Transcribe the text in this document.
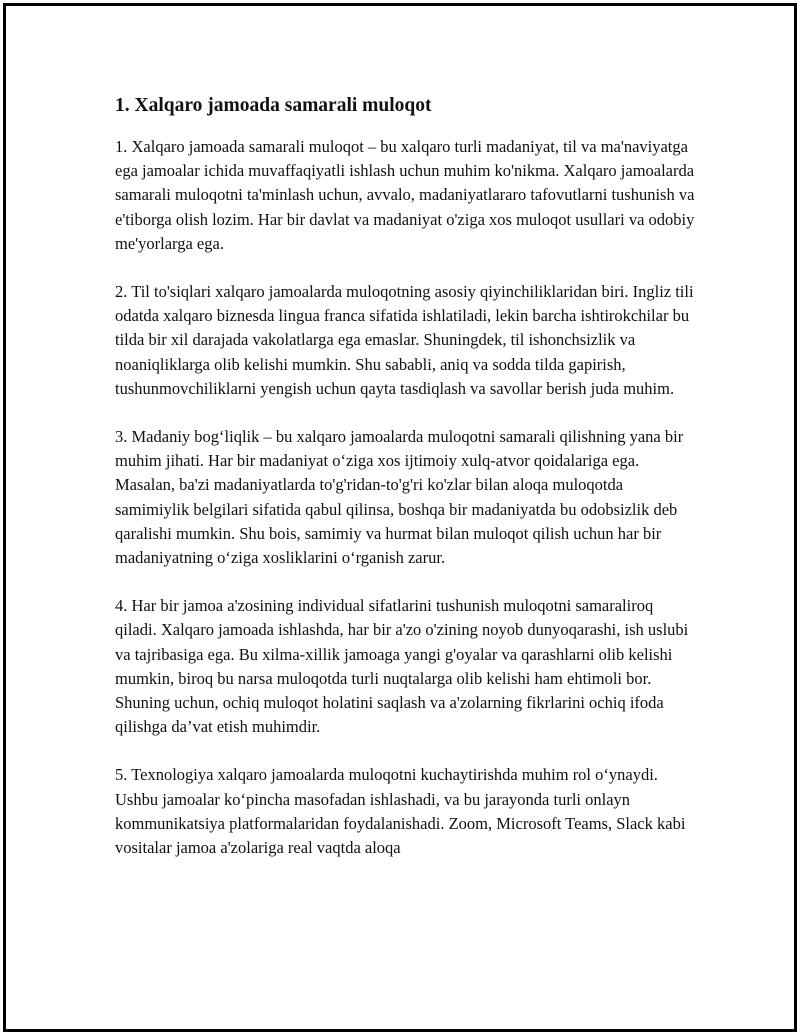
1. Xalqaro jamoada samarali muloqot

1. Xalqaro jamoada samarali muloqot – bu xalqaro turli madaniyat, til va ma'naviyatga ega jamoalar ichida muvaffaqiyatli ishlash uchun muhim ko'nikma. Xalqaro jamoalarda samarali muloqotni ta'minlash uchun, avvalo, madaniyatlararo tafovutlarni tushunish va e'tiborga olish lozim. Har bir davlat va madaniyat o'ziga xos muloqot usullari va odobiy me'yorlarga ega.

2. Til to'siqlari xalqaro jamoalarda muloqotning asosiy qiyinchiliklaridan biri. Ingliz tili odatda xalqaro biznesda lingua franca sifatida ishlatiladi, lekin barcha ishtirokchilar bu tilda bir xil darajada vakolatlarga ega emaslar. Shuningdek, til ishonchsizlik va noaniqliklarga olib kelishi mumkin. Shu sababli, aniq va sodda tilda gapirish, tushunmovchiliklarni yengish uchun qayta tasdiqlash va savollar berish juda muhim.

3. Madaniy bog‘liqlik – bu xalqaro jamoalarda muloqotni samarali qilishning yana bir muhim jihati. Har bir madaniyat o‘ziga xos ijtimoiy xulq-atvor qoidalariga ega. Masalan, ba'zi madaniyatlarda to'g'ridan-to'g'ri ko'zlar bilan aloqa muloqotda samimiylik belgilari sifatida qabul qilinsa, boshqa bir madaniyatda bu odobsizlik deb qaralishi mumkin. Shu bois, samimiy va hurmat bilan muloqot qilish uchun har bir madaniyatning o‘ziga xosliklarini o‘rganish zarur.

4. Har bir jamoa a'zosining individual sifatlarini tushunish muloqotni samaraliroq qiladi. Xalqaro jamoada ishlashda, har bir a'zo o'zining noyob dunyoqarashi, ish uslubi va tajribasiga ega. Bu xilma-xillik jamoaga yangi g'oyalar va qarashlarni olib kelishi mumkin, biroq bu narsa muloqotda turli nuqtalarga olib kelishi ham ehtimoli bor. Shuning uchun, ochiq muloqot holatini saqlash va a'zolarning fikrlarini ochiq ifoda qilishga da’vat etish muhimdir.

5. Texnologiya xalqaro jamoalarda muloqotni kuchaytirishda muhim rol o‘ynaydi. Ushbu jamoalar ko‘pincha masofadan ishlashadi, va bu jarayonda turli onlayn kommunikatsiya platformalaridan foydalanishadi. Zoom, Microsoft Teams, Slack kabi vositalar jamoa a'zolariga real vaqtda aloqa
